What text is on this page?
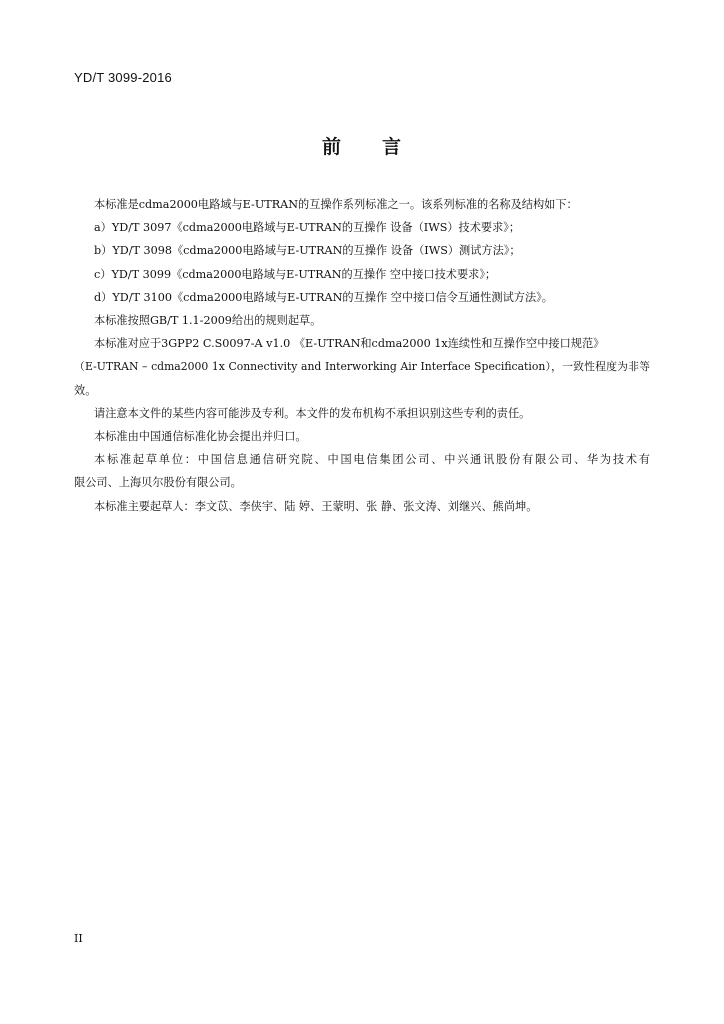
YD/T 3099-2016
前 言
本标准是cdma2000电路域与E-UTRAN的互操作系列标准之一。该系列标准的名称及结构如下：
a）YD/T 3097《cdma2000电路域与E-UTRAN的互操作 设备（IWS）技术要求》；
b）YD/T 3098《cdma2000电路域与E-UTRAN的互操作 设备（IWS）测试方法》；
c）YD/T 3099《cdma2000电路域与E-UTRAN的互操作 空中接口技术要求》；
d）YD/T 3100《cdma2000电路域与E-UTRAN的互操作 空中接口信令互通性测试方法》。
本标准按照GB/T 1.1-2009给出的规则起草。
本标准对应于3GPP2 C.S0097-A v1.0 《E-UTRAN和cdma2000 1x连续性和互操作空中接口规范》
（E-UTRAN – cdma2000 1x Connectivity and Interworking Air Interface Specification），一致性程度为非等
效。
请注意本文件的某些内容可能涉及专利。本文件的发布机构不承担识别这些专利的责任。
本标准由中国通信标准化协会提出并归口。
本标准起草单位：中国信息通信研究院、中国电信集团公司、中兴通讯股份有限公司、华为技术有
限公司、上海贝尔股份有限公司。
本标准主要起草人：李文苡、李侠宇、陆 婷、王蒙明、张 静、张文涛、刘继兴、熊尚坤。
II
